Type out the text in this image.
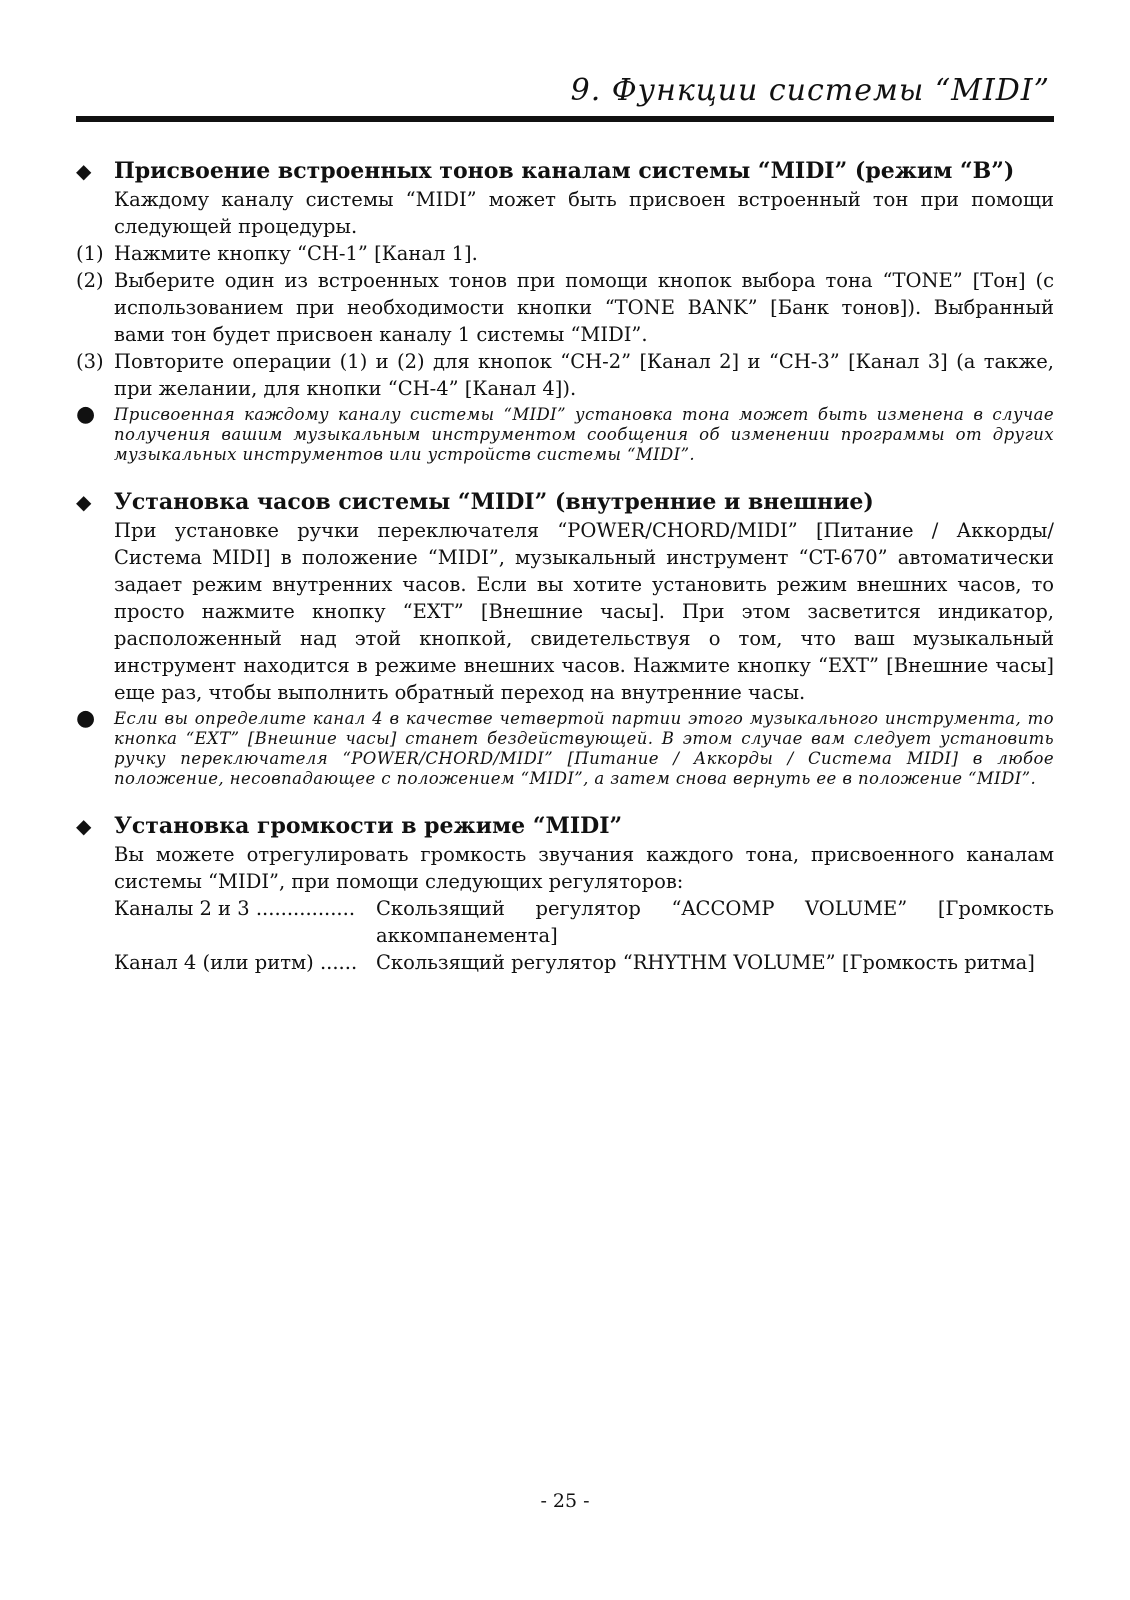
9. Функции системы “MIDI”
◆	Присвоение встроенных тонов каналам системы “MIDI” (режим “B”)
Каждому каналу системы “MIDI” может быть присвоен встроенный тон при помощи следующей процедуры.
(1) Нажмите кнопку “CH-1” [Канал 1].
(2) Выберите один из встроенных тонов при помощи кнопок выбора тона “TONE” [Тон] (с использованием при необходимости кнопки “TONE BANK” [Банк тонов]). Выбранный вами тон будет присвоен каналу 1 системы “MIDI”.
(3) Повторите операции (1) и (2) для кнопок “CH-2” [Канал 2] и “CH-3” [Канал 3] (а также, при желании, для кнопки “CH-4” [Канал 4]).
●	Присвоенная каждому каналу системы “MIDI” установка тона может быть изменена в случае получения вашим музыкальным инструментом сообщения об изменении программы от других музыкальных инструментов или устройств системы “MIDI”.
◆	Установка часов системы “MIDI” (внутренние и внешние)
При установке ручки переключателя “POWER/CHORD/MIDI” [Питание / Аккорды/ Система MIDI] в положение “MIDI”, музыкальный инструмент “CT-670” автоматически задает режим внутренних часов. Если вы хотите установить режим внешних часов, то просто нажмите кнопку “EXT” [Внешние часы]. При этом засветится индикатор, расположенный над этой кнопкой, свидетельствуя о том, что ваш музыкальный инструмент находится в режиме внешних часов. Нажмите кнопку “EXT” [Внешние часы] еще раз, чтобы выполнить обратный переход на внутренние часы.
●	Если вы определите канал 4 в качестве четвертой партии этого музыкального инструмента, то кнопка “EXT” [Внешние часы] станет бездействующей. В этом случае вам следует установить ручку переключателя “POWER/CHORD/MIDI” [Питание / Аккорды / Система MIDI] в любое положение, несовпадающее с положением “MIDI”, а затем снова вернуть ее в положение “MIDI”.
◆	Установка громкости в режиме “MIDI”
Вы можете отрегулировать громкость звучания каждого тона, присвоенного каналам системы “MIDI”, при помощи следующих регуляторов:
Каналы 2 и 3 ................	Скользящий регулятор “ACCOMP VOLUME” [Громкость аккомпанемента]
Канал 4 (или ритм) ...... Скользящий регулятор “RHYTHM VOLUME” [Громкость ритма]
- 25 -
